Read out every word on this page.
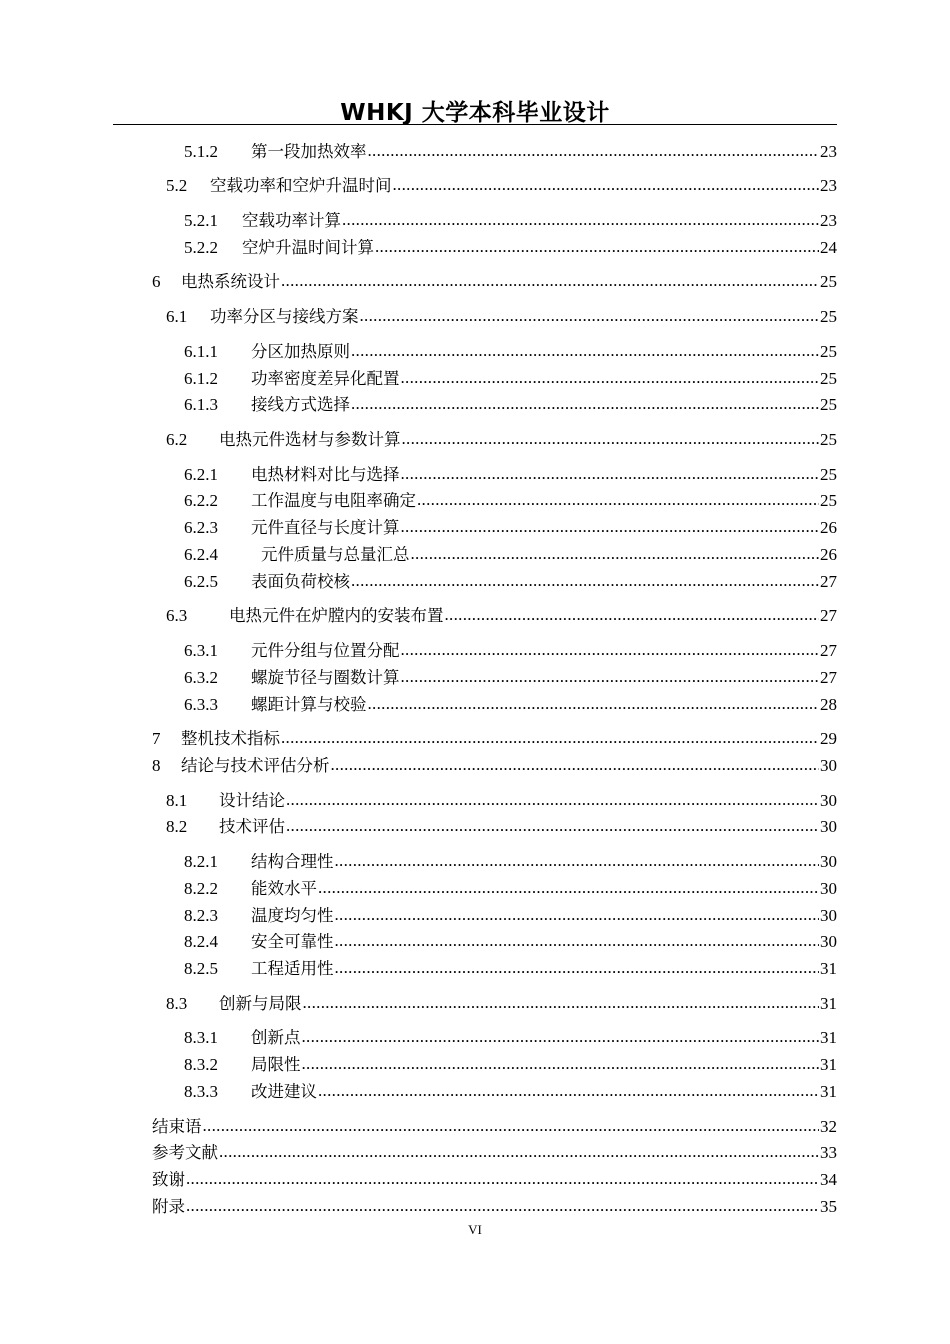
WHKJ 大学本科毕业设计
5.1.2	第一段加热效率 .....	23
5.2	空载功率和空炉升温时间 .....	23
5.2.1	空载功率计算 .....	23
5.2.2	空炉升温时间计算 .....	24
6	电热系统设计 .....	25
6.1	功率分区与接线方案 .....	25
6.1.1	分区加热原则 .....	25
6.1.2	功率密度差异化配置 .....	25
6.1.3	接线方式选择 .....	25
6.2	电热元件选材与参数计算 .....	25
6.2.1	电热材料对比与选择 .....	25
6.2.2	工作温度与电阻率确定 .....	25
6.2.3	元件直径与长度计算 .....	26
6.2.4	元件质量与总量汇总 .....	26
6.2.5	表面负荷校核 .....	27
6.3	电热元件在炉膛内的安装布置 .....	27
6.3.1	元件分组与位置分配 .....	27
6.3.2	螺旋节径与圈数计算 .....	27
6.3.3	螺距计算与校验 .....	28
7	整机技术指标 .....	29
8	结论与技术评估分析 .....	30
8.1	设计结论 .....	30
8.2	技术评估 .....	30
8.2.1	结构合理性 .....	30
8.2.2	能效水平 .....	30
8.2.3	温度均匀性 .....	30
8.2.4	安全可靠性 .....	30
8.2.5	工程适用性 .....	31
8.3	创新与局限 .....	31
8.3.1	创新点 .....	31
8.3.2	局限性 .....	31
8.3.3	改进建议 .....	31
结束语 .....	32
参考文献 .....	33
致谢 .....	34
附录 .....	35
VI
